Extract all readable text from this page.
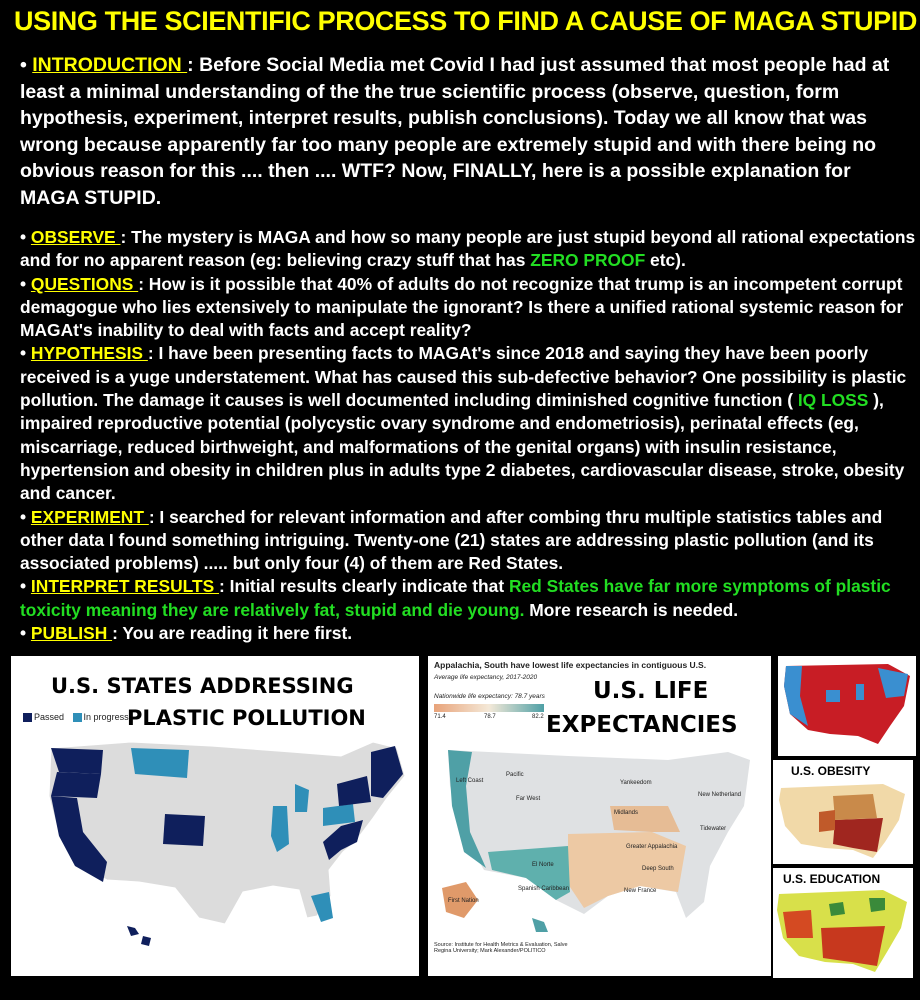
USING THE SCIENTIFIC PROCESS TO FIND A CAUSE OF MAGA STUPID
• INTRODUCTION : Before Social Media met Covid I had just assumed that most people had at least a minimal understanding of the the true scientific process (observe, question, form hypothesis, experiment, interpret results, publish conclusions). Today we all know that was wrong because apparently far too many people are extremely stupid and with there being no obvious reason for this .... then .... WTF? Now, FINALLY, here is a possible explanation for MAGA STUPID.

• OBSERVE : The mystery is MAGA and how so many people are just stupid beyond all rational expectations and for no apparent reason (eg: believing crazy stuff that has ZERO PROOF etc).

• QUESTIONS : How is it possible that 40% of adults do not recognize that trump is an incompetent corrupt demagogue who lies extensively to manipulate the ignorant? Is there a unified rational systemic reason for MAGAt's inability to deal with facts and accept reality?

• HYPOTHESIS : I have been presenting facts to MAGAt's since 2018 and saying they have been poorly received is a yuge understatement. What has caused this sub-defective behavior? One possibility is plastic pollution. The damage it causes is well documented including diminished cognitive function ( IQ LOSS ), impaired reproductive potential (polycystic ovary syndrome and endometriosis), perinatal effects (eg, miscarriage, reduced birthweight, and malformations of the genital organs) with insulin resistance, hypertension and obesity in children plus in adults type 2 diabetes, cardiovascular disease, stroke, obesity and cancer.

• EXPERIMENT : I searched for relevant information and after combing thru multiple statistics tables and other data I found something intriguing. Twenty-one (21) states are addressing plastic pollution (and its associated problems) ..... but only four (4) of them are Red States.

• INTERPRET RESULTS : Initial results clearly indicate that Red States have far more symptoms of plastic toxicity meaning they are relatively fat, stupid and die young. More research is needed.

• PUBLISH : You are reading it here first.

U.S. STATES ADDRESSING
PLASTIC POLLUTION
Passed In progress
Appalachia, South have lowest life expectancies in contiguous U.S.
Average life expectancy, 2017-2020
Nationwide life expectancy: 78.7 years
71.4	78.7	82.2
U.S. LIFE
EXPECTANCIES
Left Coast
Far West
Yankeedom
New Netherland
Midlands
Tidewater
Greater Appalachia
Deep South
El Norte
New France
First Nation
Spanish Caribbean
Pacific
Source: Institute for Health Metrics & Evaluation, Salve Regina University; Mark Alexander/POLITICO
U.S. OBESITY
U.S. EDUCATION
